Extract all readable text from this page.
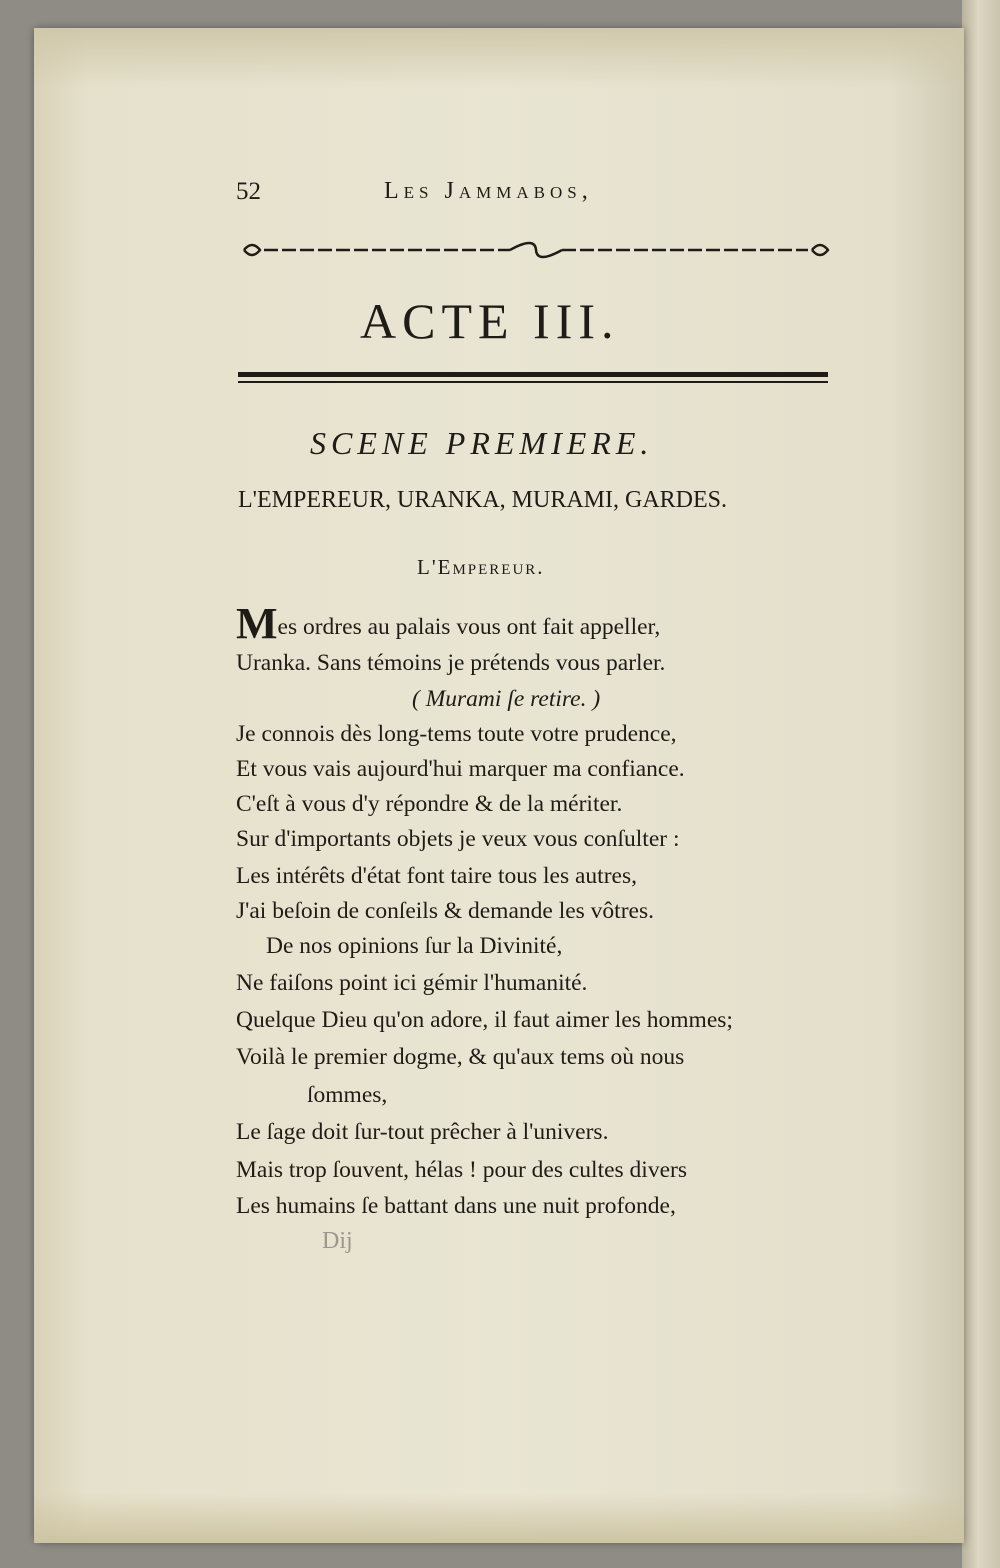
52	Les Jammabos,
ACTE III.
SCENE PREMIERE.
L'EMPEREUR, URANKA, MURAMI, GARDES.
L'Empereur.
Mes ordres au palais vous ont fait appeller,
Uranka. Sans témoins je prétends vous parler.
( Murami ſe retire. )
Je connois dès long-tems toute votre prudence,
Et vous vais aujourd'hui marquer ma confiance.
C'eſt à vous d'y répondre & de la mériter.
Sur d'importants objets je veux vous conſulter :
Les intérêts d'état font taire tous les autres,
J'ai beſoin de conſeils & demande les vôtres.
De nos opinions ſur la Divinité,
Ne faiſons point ici gémir l'humanité.
Quelque Dieu qu'on adore, il faut aimer les hommes;
Voilà le premier dogme, & qu'aux tems où nous
ſommes,
Le ſage doit ſur-tout prêcher à l'univers.
Mais trop ſouvent, hélas ! pour des cultes divers
Les humains ſe battant dans une nuit profonde,
Dij
